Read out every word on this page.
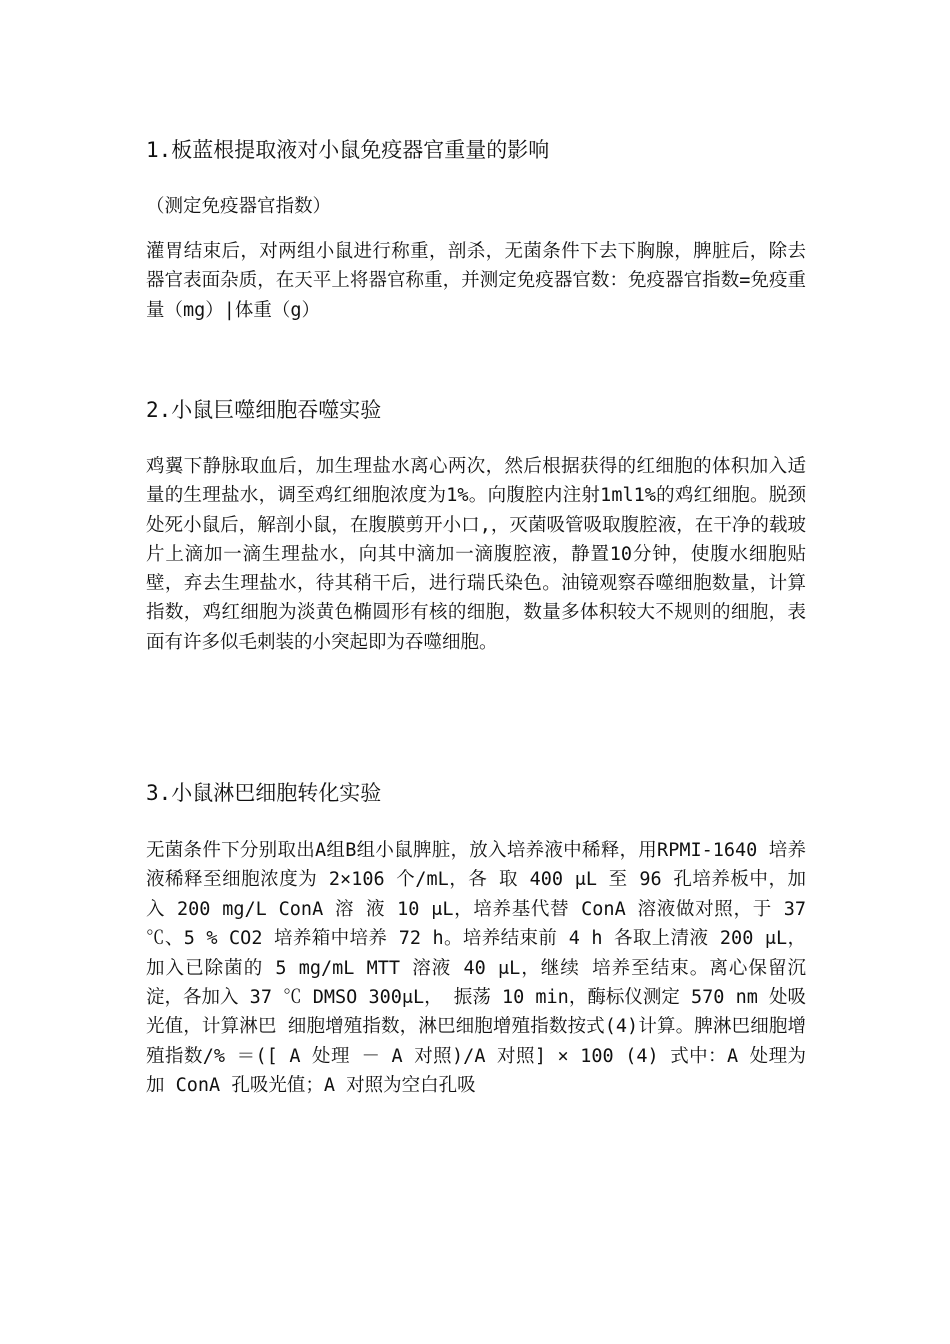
1.板蓝根提取液对小鼠免疫器官重量的影响

（测定免疫器官指数）

灌胃结束后，对两组小鼠进行称重，剖杀，无菌条件下去下胸腺，脾脏后，除去器官表面杂质，在天平上将器官称重，并测定免疫器官数：免疫器官指数=免疫重量（mg）|体重（g）

2.小鼠巨噬细胞吞噬实验

鸡翼下静脉取血后，加生理盐水离心两次，然后根据获得的红细胞的体积加入适量的生理盐水，调至鸡红细胞浓度为1%。向腹腔内注射1ml1%的鸡红细胞。脱颈处死小鼠后，解剖小鼠，在腹膜剪开小口,，灭菌吸管吸取腹腔液，在干净的载玻片上滴加一滴生理盐水，向其中滴加一滴腹腔液，静置10分钟，使腹水细胞贴壁，弃去生理盐水，待其稍干后，进行瑞氏染色。油镜观察吞噬细胞数量，计算指数，鸡红细胞为淡黄色椭圆形有核的细胞，数量多体积较大不规则的细胞，表面有许多似毛刺装的小突起即为吞噬细胞。

3.小鼠淋巴细胞转化实验

无菌条件下分别取出A组B组小鼠脾脏，放入培养液中稀释，用RPMI-1640 培养液稀释至细胞浓度为 2×106 个/mL，各 取 400 μL 至 96 孔培养板中，加入 200 mg/L ConA 溶 液 10 μL，培养基代替 ConA 溶液做对照，于 37 ℃、5 % CO2 培养箱中培养 72 h。培养结束前 4 h 各取上清液 200 μL，加入已除菌的 5 mg/mL MTT 溶液 40 μL，继续 培养至结束。离心保留沉淀，各加入 37 ℃ DMSO 300μL， 振荡 10 min，酶标仪测定 570 nm 处吸光值，计算淋巴 细胞增殖指数，淋巴细胞增殖指数按式(4)计算。脾淋巴细胞增殖指数/% ＝([ A 处理 － A 对照)/A 对照] × 100 (4) 式中：A 处理为加 ConA 孔吸光值；A 对照为空白孔吸
